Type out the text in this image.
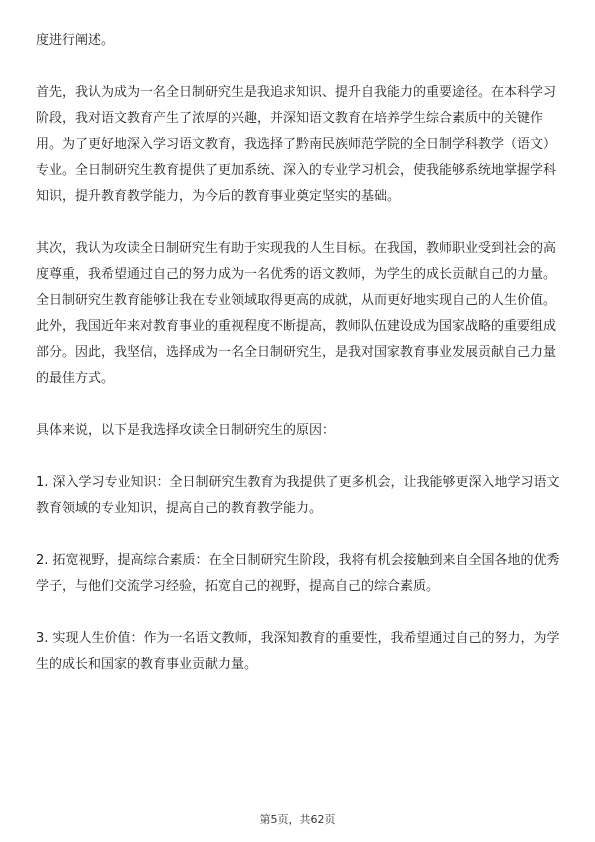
度进行阐述。

首先，我认为成为一名全日制研究生是我追求知识、提升自我能力的重要途径。在本科学习阶段，我对语文教育产生了浓厚的兴趣，并深知语文教育在培养学生综合素质中的关键作用。为了更好地深入学习语文教育，我选择了黔南民族师范学院的全日制学科教学（语文）专业。全日制研究生教育提供了更加系统、深入的专业学习机会，使我能够系统地掌握学科知识，提升教育教学能力，为今后的教育事业奠定坚实的基础。

其次，我认为攻读全日制研究生有助于实现我的人生目标。在我国，教师职业受到社会的高度尊重，我希望通过自己的努力成为一名优秀的语文教师，为学生的成长贡献自己的力量。全日制研究生教育能够让我在专业领域取得更高的成就，从而更好地实现自己的人生价值。此外，我国近年来对教育事业的重视程度不断提高，教师队伍建设成为国家战略的重要组成部分。因此，我坚信，选择成为一名全日制研究生，是我对国家教育事业发展贡献自己力量的最佳方式。

具体来说，以下是我选择攻读全日制研究生的原因：

1. 深入学习专业知识：全日制研究生教育为我提供了更多机会，让我能够更深入地学习语文教育领域的专业知识，提高自己的教育教学能力。

2. 拓宽视野，提高综合素质：在全日制研究生阶段，我将有机会接触到来自全国各地的优秀学子，与他们交流学习经验，拓宽自己的视野，提高自己的综合素质。

3. 实现人生价值：作为一名语文教师，我深知教育的重要性，我希望通过自己的努力，为学生的成长和国家的教育事业贡献力量。

第5页，共62页
